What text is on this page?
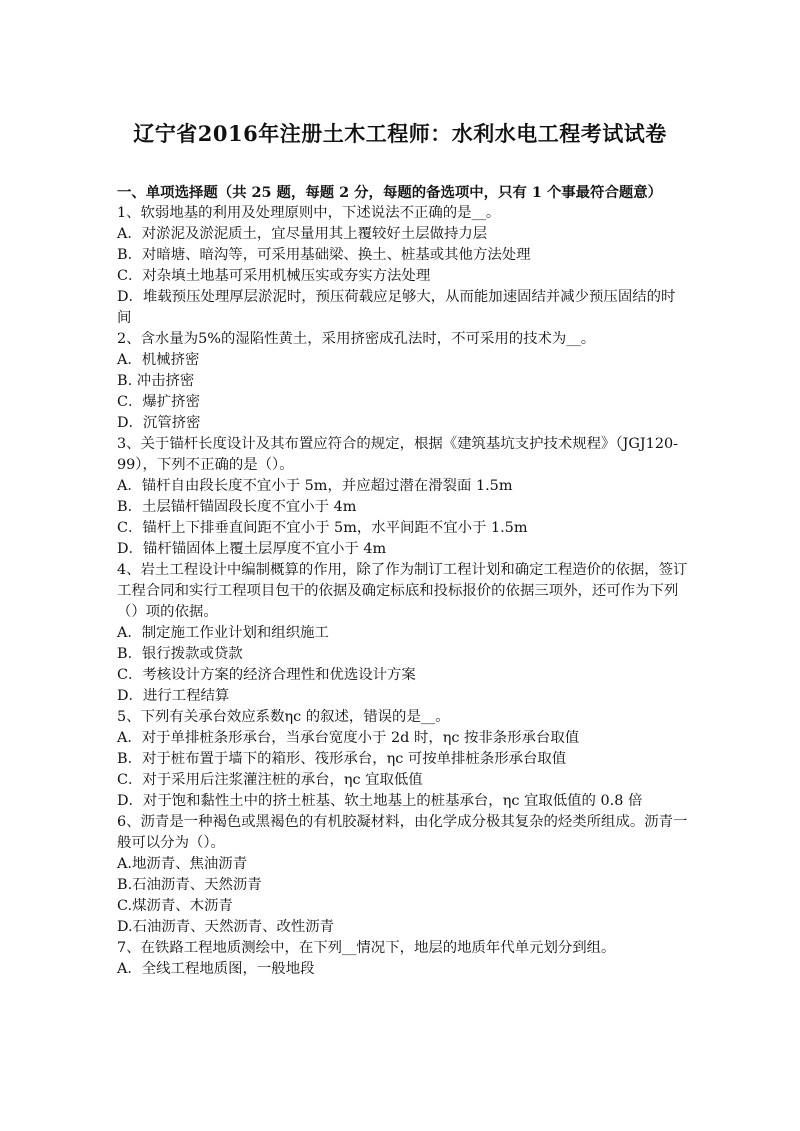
辽宁省2016年注册土木工程师：水利水电工程考试试卷
一、单项选择题（共 25 题，每题 2 分，每题的备选项中，只有 1 个事最符合题意）
1、软弱地基的利用及处理原则中，下述说法不正确的是__。
A．对淤泥及淤泥质土，宜尽量用其上覆较好土层做持力层
B．对暗塘、暗沟等，可采用基础梁、换土、桩基或其他方法处理
C．对杂填土地基可采用机械压实或夯实方法处理
D．堆载预压处理厚层淤泥时，预压荷载应足够大，从而能加速固结并减少预压固结的时间
2、含水量为5%的湿陷性黄土，采用挤密成孔法时，不可采用的技术为__。
A．机械挤密
B. 冲击挤密
C．爆扩挤密
D．沉管挤密
3、关于锚杆长度设计及其布置应符合的规定，根据《建筑基坑支护技术规程》（JGJ120-99），下列不正确的是（）。
A．锚杆自由段长度不宜小于 5m，并应超过潜在滑裂面 1.5m
B．土层锚杆锚固段长度不宜小于 4m
C．锚杆上下排垂直间距不宜小于 5m，水平间距不宜小于 1.5m
D．锚杆锚固体上覆土层厚度不宜小于 4m
4、岩土工程设计中编制概算的作用，除了作为制订工程计划和确定工程造价的依据，签订工程合同和实行工程项目包干的依据及确定标底和投标报价的依据三项外，还可作为下列（）项的依据。
A．制定施工作业计划和组织施工
B．银行拨款或贷款
C．考核设计方案的经济合理性和优选设计方案
D．进行工程结算
5、下列有关承台效应系数ηc 的叙述，错误的是__。
A．对于单排桩条形承台，当承台宽度小于 2d 时，ηc 按非条形承台取值
B．对于桩布置于墙下的箱形、筏形承台，ηc 可按单排桩条形承台取值
C．对于采用后注浆灌注桩的承台，ηc 宜取低值
D．对于饱和黏性土中的挤土桩基、软土地基上的桩基承台，ηc 宜取低值的 0.8 倍
6、沥青是一种褐色或黑褐色的有机胶凝材料，由化学成分极其复杂的烃类所组成。沥青一般可以分为（）。
A.地沥青、焦油沥青
B.石油沥青、天然沥青
C.煤沥青、木沥青
D.石油沥青、天然沥青、改性沥青
7、在铁路工程地质测绘中，在下列__情况下，地层的地质年代单元划分到组。
A．全线工程地质图，一般地段
